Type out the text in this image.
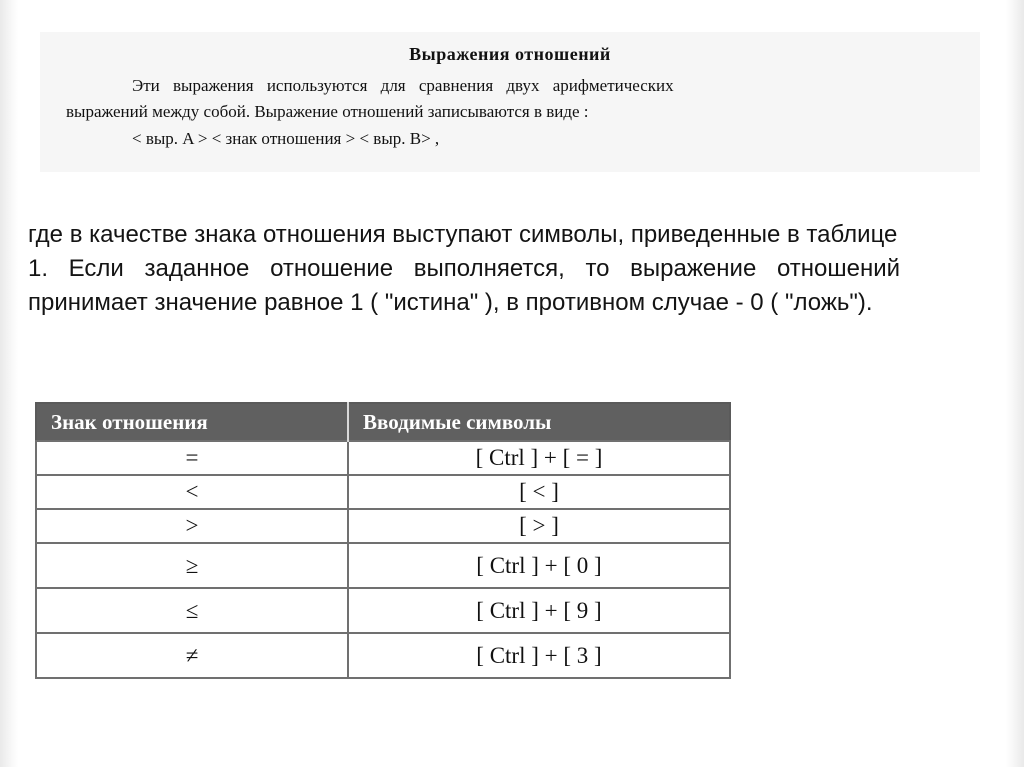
Выражения отношений
Эти выражения используются для сравнения двух арифметических
выражений между собой. Выражение отношений записываются в виде :
< выр. A > < знак отношения > < выр. B> ,
где в качестве знака отношения выступают символы, приведенные в таблице
1. Если заданное отношение выполняется, то выражение отношений
принимает значение равное 1 ( "истина" ), в противном случае - 0 ( "ложь").
Знак отношения	Вводимые символы
=	[ Ctrl ] + [ = ]
<	[ < ]
>	[ > ]
≥	[ Ctrl ] + [ 0 ]
≤	[ Ctrl ] + [ 9 ]
≠	[ Ctrl ] + [ 3 ]
